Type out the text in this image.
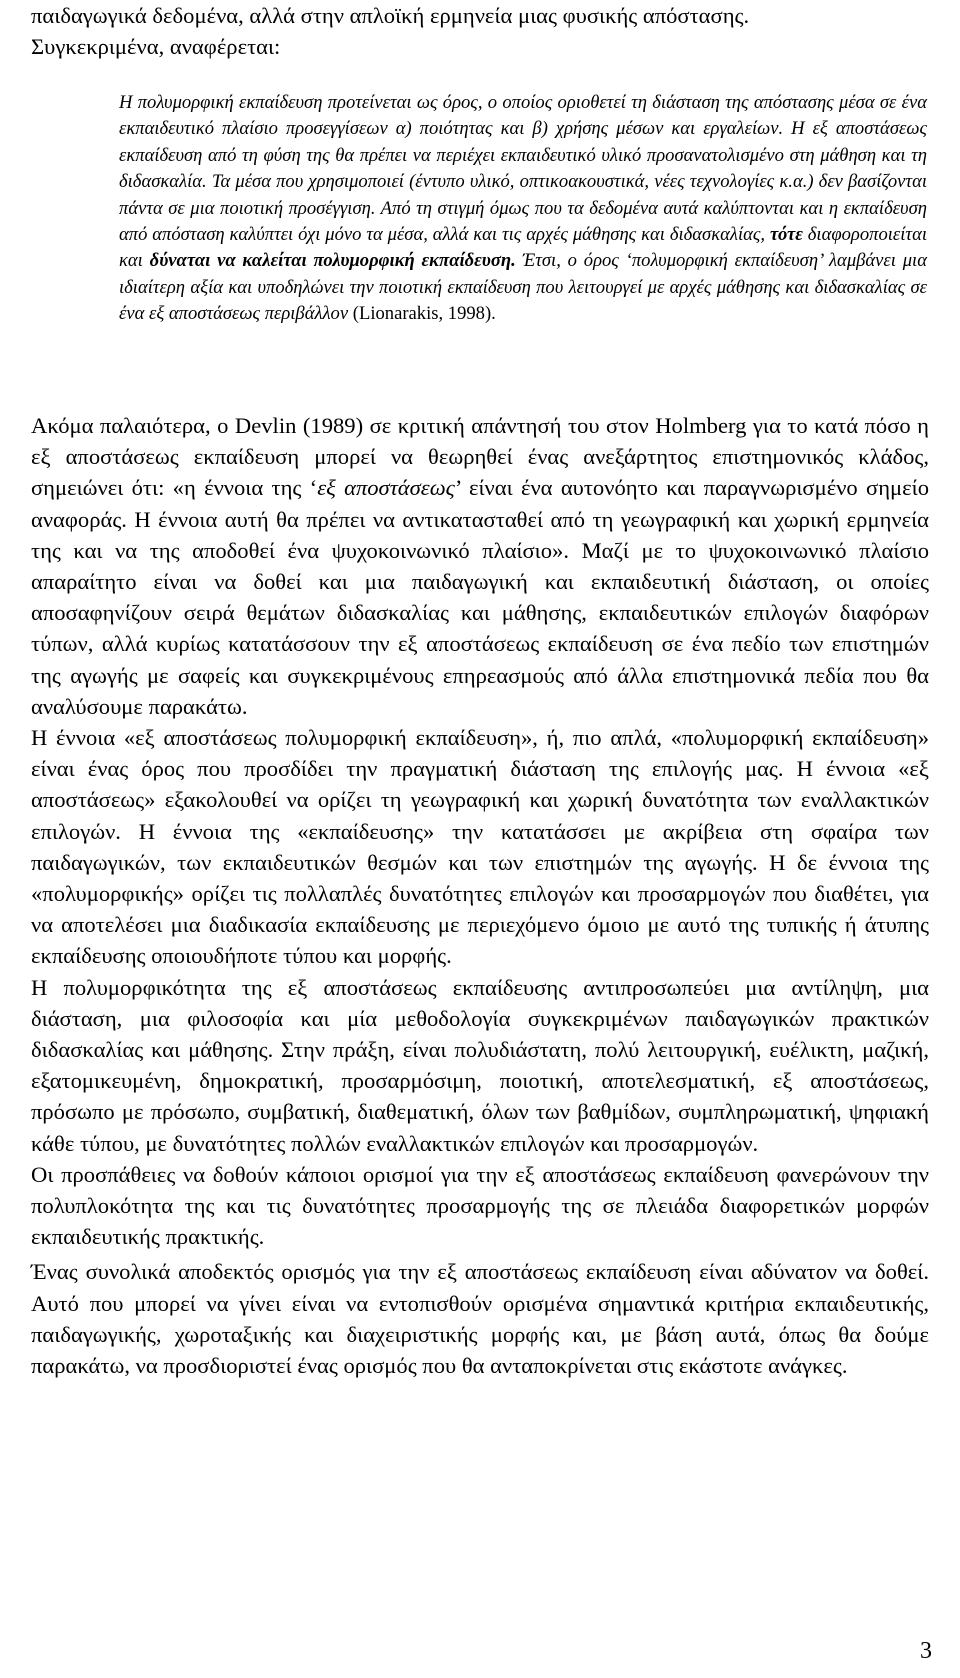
παιδαγωγικά δεδομένα, αλλά στην απλοϊκή ερμηνεία μιας φυσικής απόστασης.

Συγκεκριμένα, αναφέρεται:

Η πολυμορφική εκπαίδευση προτείνεται ως όρος, ο οποίος οριοθετεί τη διάσταση της απόστασης μέσα σε ένα εκπαιδευτικό πλαίσιο προσεγγίσεων α) ποιότητας και β) χρήσης μέσων και εργαλείων. Η εξ αποστάσεως εκπαίδευση από τη φύση της θα πρέπει να περιέχει εκπαιδευτικό υλικό προσανατολισμένο στη μάθηση και τη διδασκαλία. Τα μέσα που χρησιμοποιεί (έντυπο υλικό, οπτικοακουστικά, νέες τεχνολογίες κ.α.) δεν βασίζονται πάντα σε μια ποιοτική προσέγγιση. Από τη στιγμή όμως που τα δεδομένα αυτά καλύπτονται και η εκπαίδευση από απόσταση καλύπτει όχι μόνο τα μέσα, αλλά και τις αρχές μάθησης και διδασκαλίας, τότε διαφοροποιείται και δύναται να καλείται πολυμορφική εκπαίδευση. Έτσι, ο όρος ‘πολυμορφική εκπαίδευση’ λαμβάνει μια ιδιαίτερη αξία και υποδηλώνει την ποιοτική εκπαίδευση που λειτουργεί με αρχές μάθησης και διδασκαλίας σε ένα εξ αποστάσεως περιβάλλον (Lionarakis, 1998).

Ακόμα παλαιότερα, ο Devlin (1989) σε κριτική απάντησή του στον Holmberg για το κατά πόσο η εξ αποστάσεως εκπαίδευση μπορεί να θεωρηθεί ένας ανεξάρτητος επιστημονικός κλάδος, σημειώνει ότι: «η έννοια της ‘εξ αποστάσεως’ είναι ένα αυτονόητο και παραγνωρισμένο σημείο αναφοράς. Η έννοια αυτή θα πρέπει να αντικατασταθεί από τη γεωγραφική και χωρική ερμηνεία της και να της αποδοθεί ένα ψυχοκοινωνικό πλαίσιο». Μαζί με το ψυχοκοινωνικό πλαίσιο απαραίτητο είναι να δοθεί και μια παιδαγωγική και εκπαιδευτική διάσταση, οι οποίες αποσαφηνίζουν σειρά θεμάτων διδασκαλίας και μάθησης, εκπαιδευτικών επιλογών διαφόρων τύπων, αλλά κυρίως κατατάσσουν την εξ αποστάσεως εκπαίδευση σε ένα πεδίο των επιστημών της αγωγής με σαφείς και συγκεκριμένους επηρεασμούς από άλλα επιστημονικά πεδία που θα αναλύσουμε παρακάτω.

Η έννοια «εξ αποστάσεως πολυμορφική εκπαίδευση», ή, πιο απλά, «πολυμορφική εκπαίδευση» είναι ένας όρος που προσδίδει την πραγματική διάσταση της επιλογής μας. Η έννοια «εξ αποστάσεως» εξακολουθεί να ορίζει τη γεωγραφική και χωρική δυνατότητα των εναλλακτικών επιλογών. Η έννοια της «εκπαίδευσης» την κατατάσσει με ακρίβεια στη σφαίρα των παιδαγωγικών, των εκπαιδευτικών θεσμών και των επιστημών της αγωγής. Η δε έννοια της «πολυμορφικής» ορίζει τις πολλαπλές δυνατότητες επιλογών και προσαρμογών που διαθέτει, για να αποτελέσει μια διαδικασία εκπαίδευσης με περιεχόμενο όμοιο με αυτό της τυπικής ή άτυπης εκπαίδευσης οποιουδήποτε τύπου και μορφής.

Η πολυμορφικότητα της εξ αποστάσεως εκπαίδευσης αντιπροσωπεύει μια αντίληψη, μια διάσταση, μια φιλοσοφία και μία μεθοδολογία συγκεκριμένων παιδαγωγικών πρακτικών διδασκαλίας και μάθησης. Στην πράξη, είναι πολυδιάστατη, πολύ λειτουργική, ευέλικτη, μαζική, εξατομικευμένη, δημοκρατική, προσαρμόσιμη, ποιοτική, αποτελεσματική, εξ αποστάσεως, πρόσωπο με πρόσωπο, συμβατική, διαθεματική, όλων των βαθμίδων, συμπληρωματική, ψηφιακή κάθε τύπου, με δυνατότητες πολλών εναλλακτικών επιλογών και προσαρμογών.

Οι προσπάθειες να δοθούν κάποιοι ορισμοί για την εξ αποστάσεως εκπαίδευση φανερώνουν την πολυπλοκότητα της και τις δυνατότητες προσαρμογής της σε πλειάδα διαφορετικών μορφών εκπαιδευτικής πρακτικής.

Ένας συνολικά αποδεκτός ορισμός για την εξ αποστάσεως εκπαίδευση είναι αδύνατον να δοθεί. Αυτό που μπορεί να γίνει είναι να εντοπισθούν ορισμένα σημαντικά κριτήρια εκπαιδευτικής, παιδαγωγικής, χωροταξικής και διαχειριστικής μορφής και, με βάση αυτά, όπως θα δούμε παρακάτω, να προσδιοριστεί ένας ορισμός που θα ανταποκρίνεται στις εκάστοτε ανάγκες.

3
